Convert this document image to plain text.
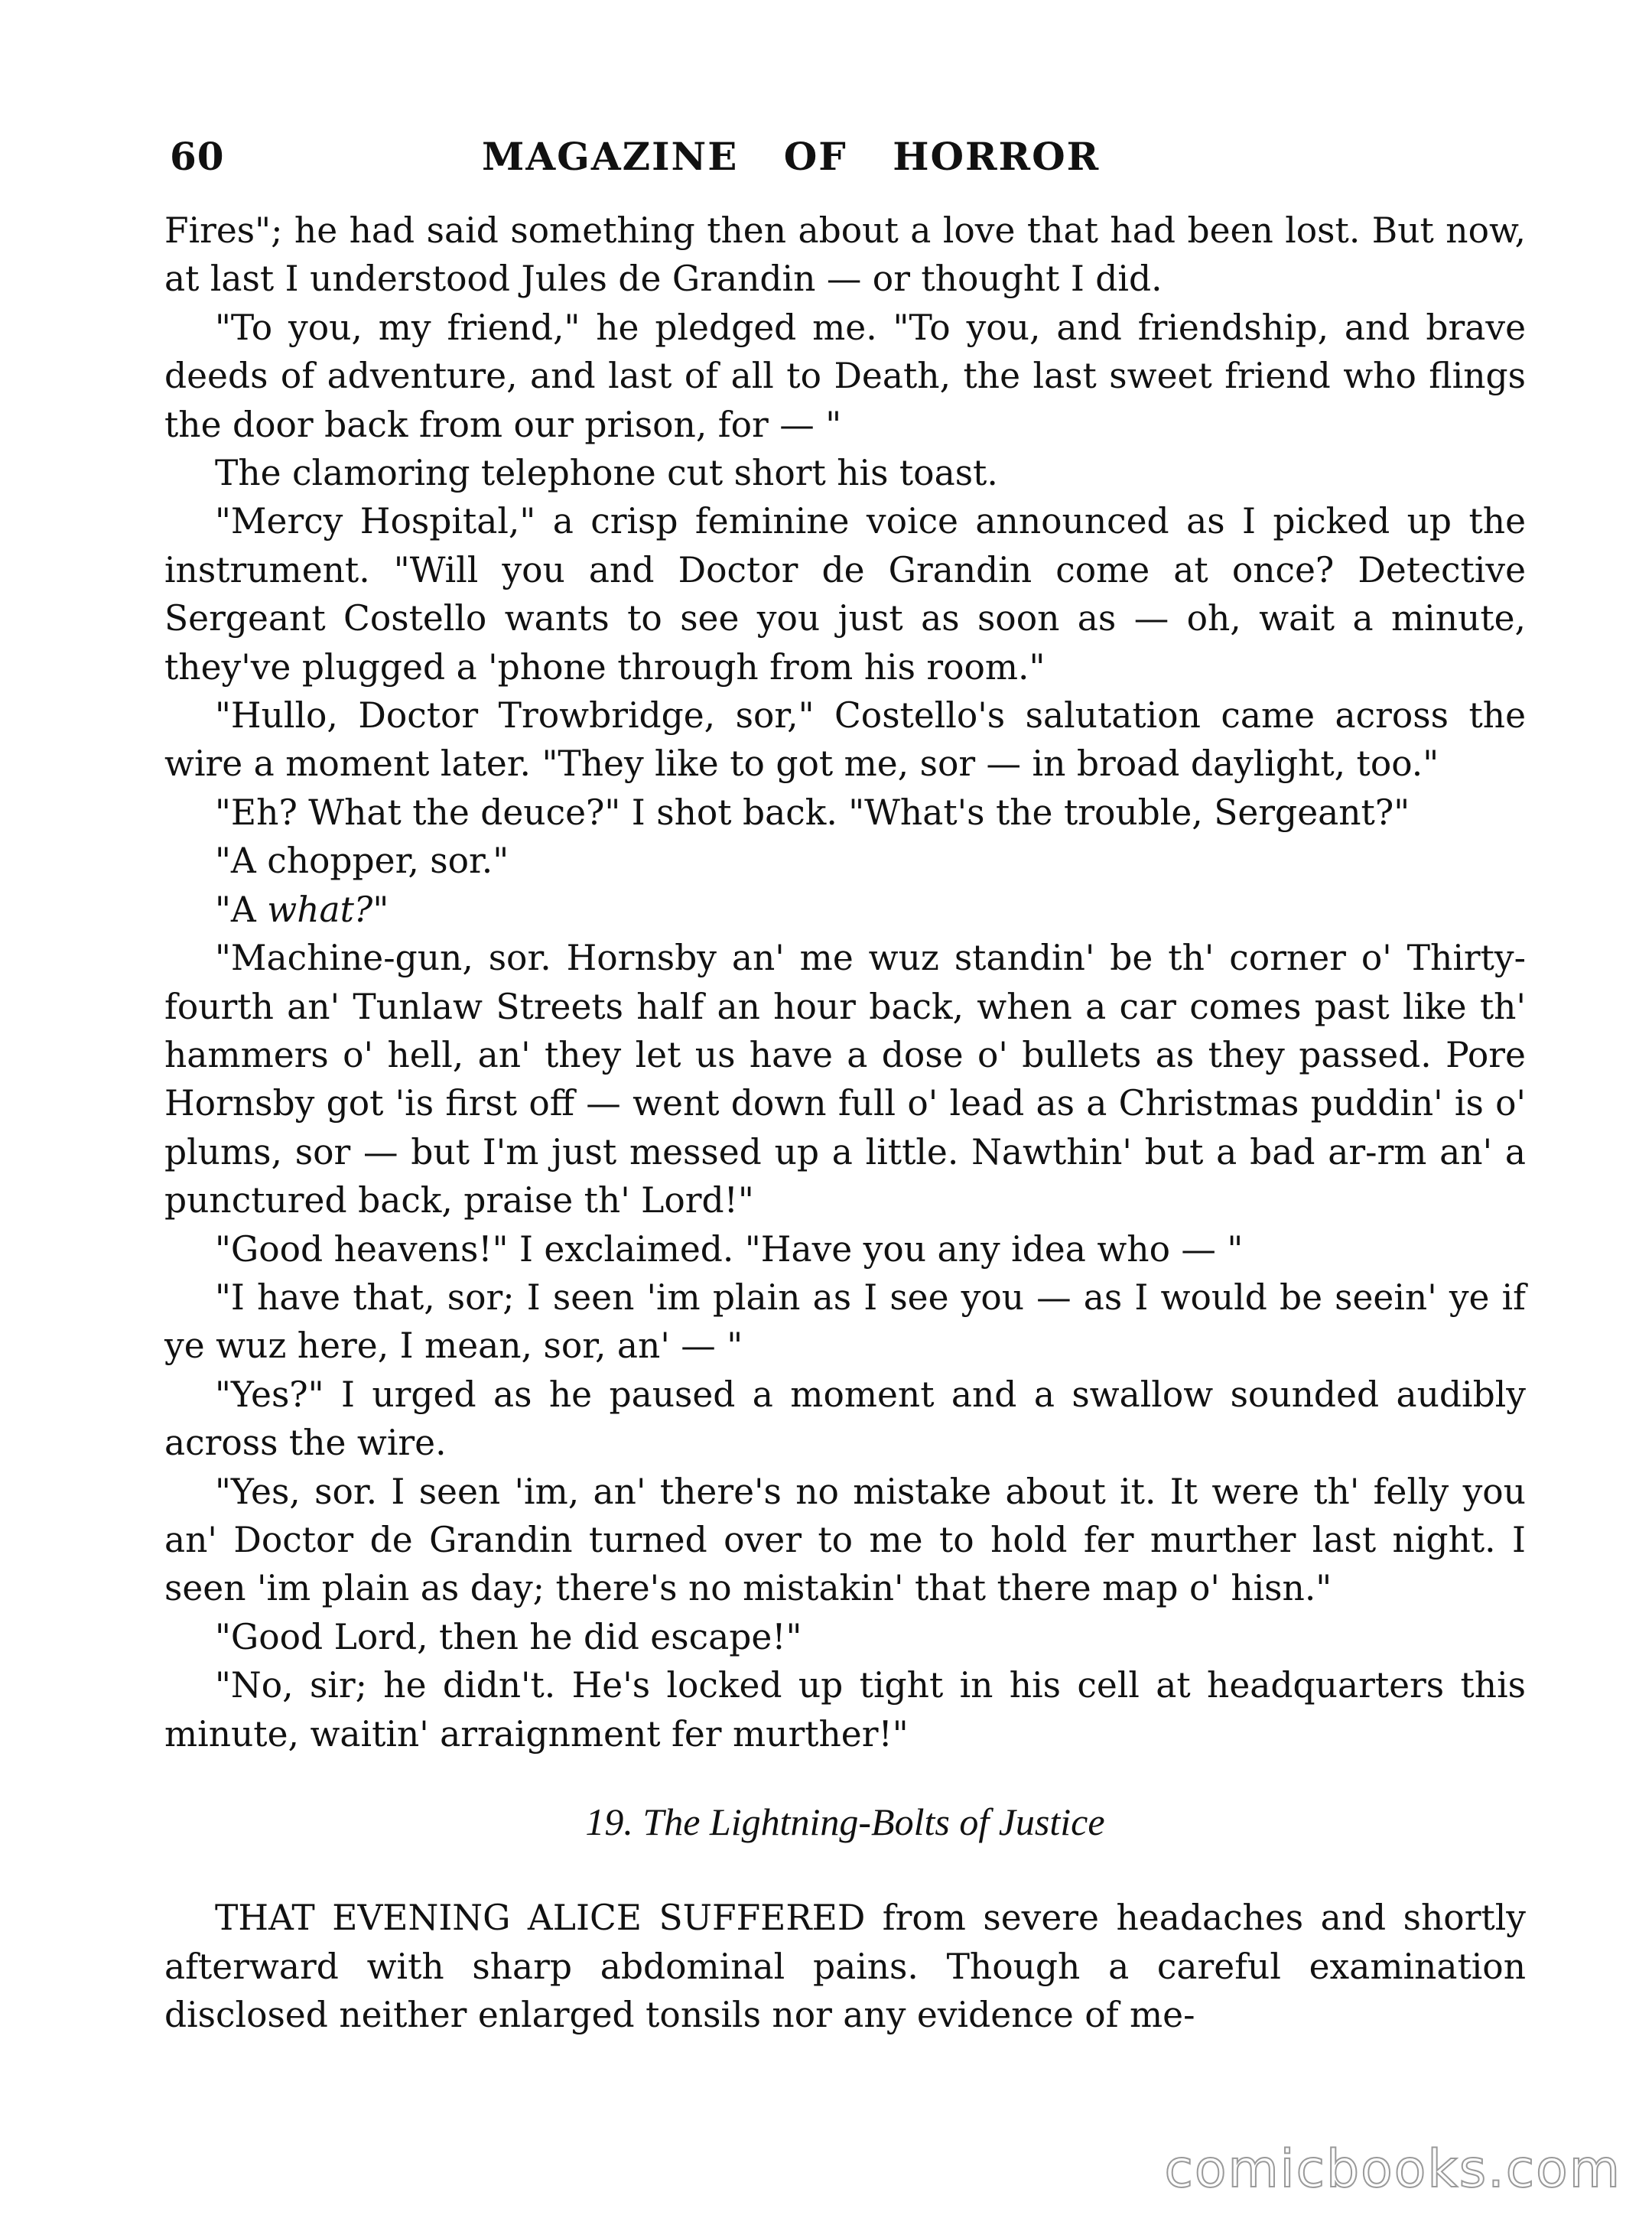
60	MAGAZINE OF HORROR

Fires"; he had said something then about a love that had been lost. But now, at last I understood Jules de Grandin — or thought I did.

"To you, my friend," he pledged me. "To you, and friendship, and brave deeds of adventure, and last of all to Death, the last sweet friend who flings the door back from our prison, for — "

The clamoring telephone cut short his toast.

"Mercy Hospital," a crisp feminine voice announced as I picked up the instrument. "Will you and Doctor de Grandin come at once? Detective Sergeant Costello wants to see you just as soon as — oh, wait a minute, they've plugged a 'phone through from his room."

"Hullo, Doctor Trowbridge, sor," Costello's salutation came across the wire a moment later. "They like to got me, sor — in broad daylight, too."

"Eh? What the deuce?" I shot back. "What's the trouble, Sergeant?"

"A chopper, sor."

"A what?"

"Machine-gun, sor. Hornsby an' me wuz standin' be th' corner o' Thirty-fourth an' Tunlaw Streets half an hour back, when a car comes past like th' hammers o' hell, an' they let us have a dose o' bullets as they passed. Pore Hornsby got 'is first off — went down full o' lead as a Christmas puddin' is o' plums, sor — but I'm just messed up a little. Nawthin' but a bad ar-rm an' a punctured back, praise th' Lord!"

"Good heavens!" I exclaimed. "Have you any idea who — "

"I have that, sor; I seen 'im plain as I see you — as I would be seein' ye if ye wuz here, I mean, sor, an' — "

"Yes?" I urged as he paused a moment and a swallow sounded audibly across the wire.

"Yes, sor. I seen 'im, an' there's no mistake about it. It were th' felly you an' Doctor de Grandin turned over to me to hold fer murther last night. I seen 'im plain as day; there's no mistakin' that there map o' hisn."

"Good Lord, then he did escape!"

"No, sir; he didn't. He's locked up tight in his cell at headquarters this minute, waitin' arraignment fer murther!"

19. The Lightning-Bolts of Justice

THAT EVENING ALICE SUFFERED from severe headaches and shortly afterward with sharp abdominal pains. Though a careful examination disclosed neither enlarged tonsils nor any evidence of me-

comicbooks.com
